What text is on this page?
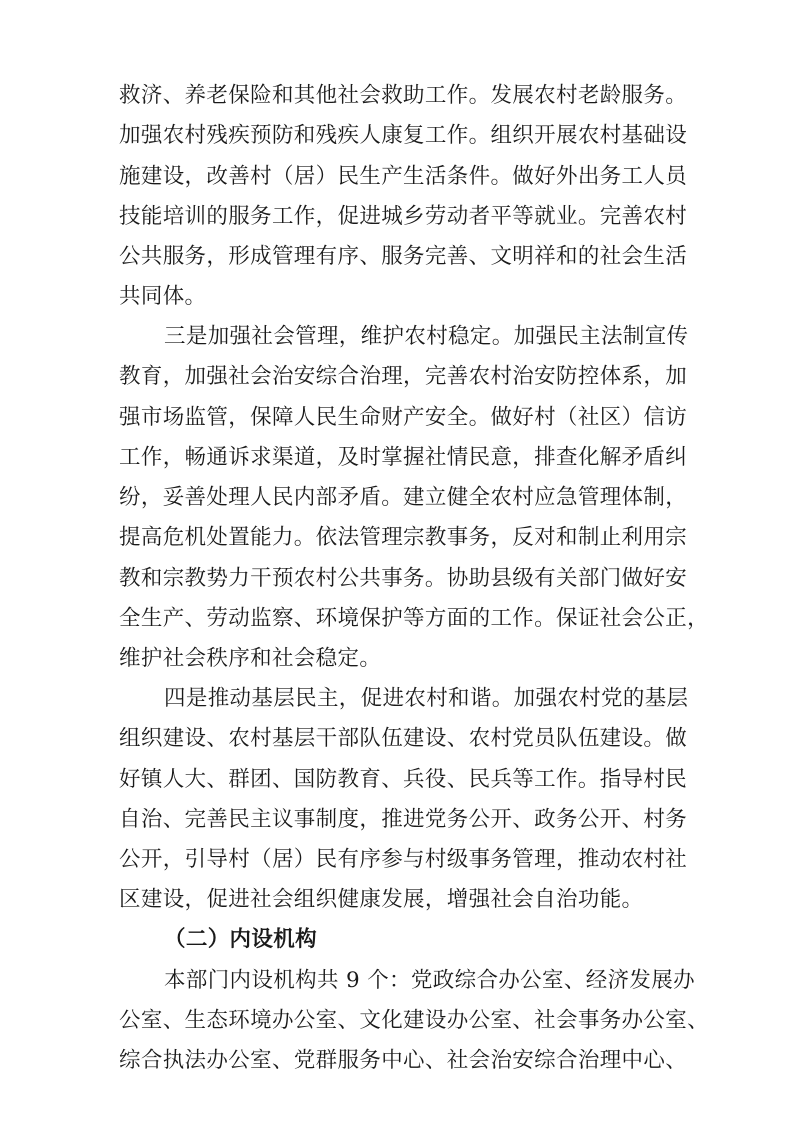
救济、养老保险和其他社会救助工作。发展农村老龄服务。
加强农村残疾预防和残疾人康复工作。组织开展农村基础设
施建设，改善村（居）民生产生活条件。做好外出务工人员
技能培训的服务工作，促进城乡劳动者平等就业。完善农村
公共服务，形成管理有序、服务完善、文明祥和的社会生活
共同体。
三是加强社会管理，维护农村稳定。加强民主法制宣传
教育，加强社会治安综合治理，完善农村治安防控体系，加
强市场监管，保障人民生命财产安全。做好村（社区）信访
工作，畅通诉求渠道，及时掌握社情民意，排查化解矛盾纠
纷，妥善处理人民内部矛盾。建立健全农村应急管理体制，
提高危机处置能力。依法管理宗教事务，反对和制止利用宗
教和宗教势力干预农村公共事务。协助县级有关部门做好安
全生产、劳动监察、环境保护等方面的工作。保证社会公正，
维护社会秩序和社会稳定。
四是推动基层民主，促进农村和谐。加强农村党的基层
组织建设、农村基层干部队伍建设、农村党员队伍建设。做
好镇人大、群团、国防教育、兵役、民兵等工作。指导村民
自治、完善民主议事制度，推进党务公开、政务公开、村务
公开，引导村（居）民有序参与村级事务管理，推动农村社
区建设，促进社会组织健康发展，增强社会自治功能。
（二）内设机构
本部门内设机构共 9 个：党政综合办公室、经济发展办
公室、生态环境办公室、文化建设办公室、社会事务办公室、
综合执法办公室、党群服务中心、社会治安综合治理中心、
